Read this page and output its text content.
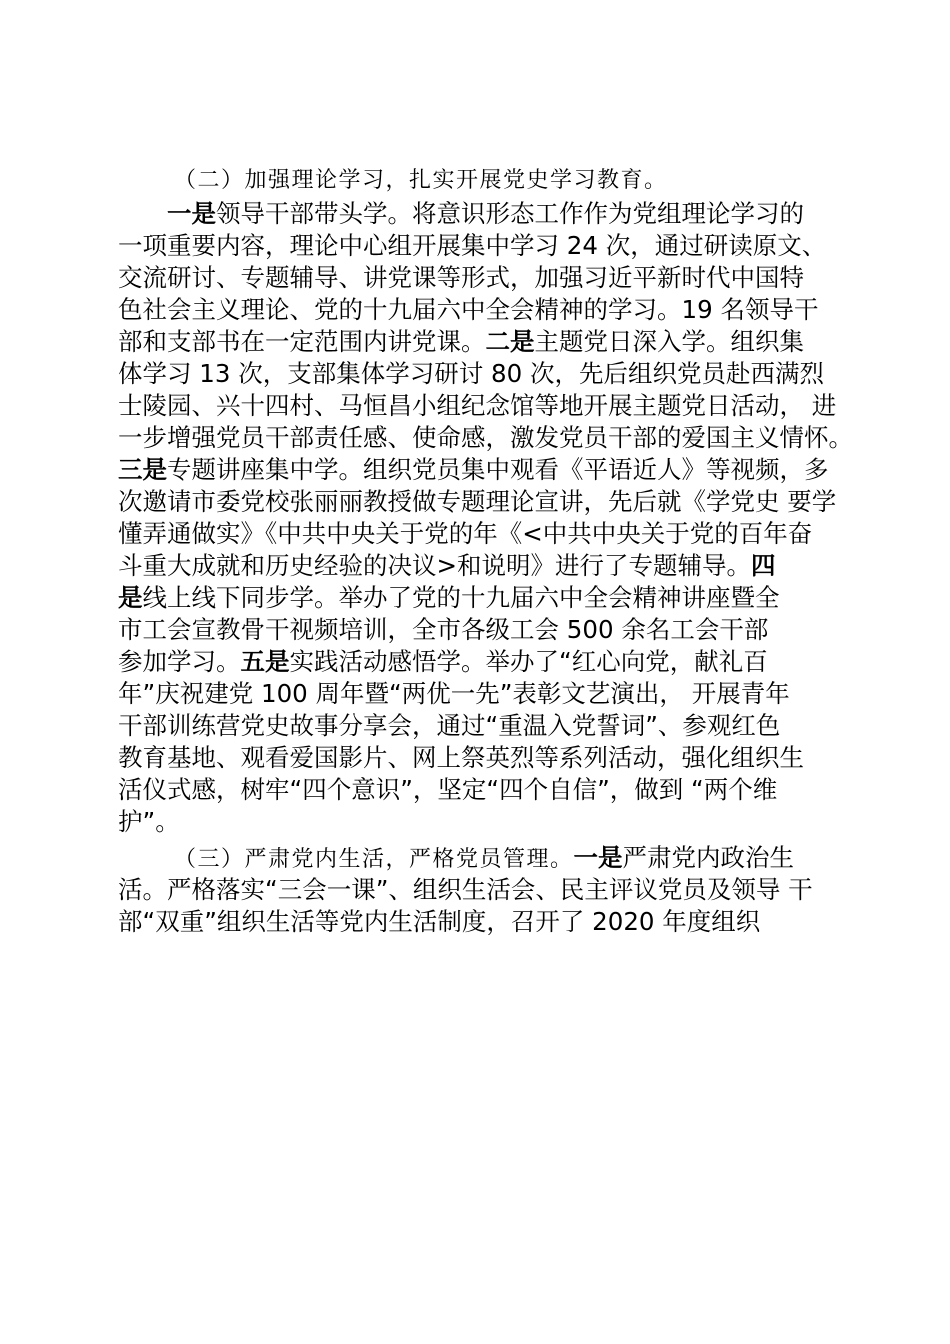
（二）加强理论学习，扎实开展党史学习教育。
一是领导干部带头学。将意识形态工作作为党组理论学习的
一项重要内容，理论中心组开展集中学习 24 次，通过研读原文、
交流研讨、专题辅导、讲党课等形式，加强习近平新时代中国特
色社会主义理论、党的十九届六中全会精神的学习。19 名领导干
部和支部书在一定范围内讲党课。二是主题党日深入学。组织集
体学习 13 次，支部集体学习研讨 80 次，先后组织党员赴西满烈
士陵园、兴十四村、马恒昌小组纪念馆等地开展主题党日活动， 进
一步增强党员干部责任感、使命感，激发党员干部的爱国主义情怀。
三是专题讲座集中学。组织党员集中观看《平语近人》等视频，多
次邀请市委党校张丽丽教授做专题理论宣讲，先后就《学党史 要学
懂弄通做实》《中共中央关于党的年《<中共中央关于党的百年奋
斗重大成就和历史经验的决议>和说明》进行了专题辅导。四
是线上线下同步学。举办了党的十九届六中全会精神讲座暨全
市工会宣教骨干视频培训，全市各级工会 500 余名工会干部
参加学习。五是实践活动感悟学。举办了“红心向党，献礼百
年”庆祝建党 100 周年暨“两优一先”表彰文艺演出， 开展青年
干部训练营党史故事分享会，通过“重温入党誓词”、参观红色
教育基地、观看爱国影片、网上祭英烈等系列活动，强化组织生
活仪式感，树牢“四个意识”，坚定“四个自信”，做到 “两个维
护”。
（三）严肃党内生活，严格党员管理。一是严肃党内政治生
活。严格落实“三会一课”、组织生活会、民主评议党员及领导 干
部“双重”组织生活等党内生活制度，召开了 2020 年度组织
